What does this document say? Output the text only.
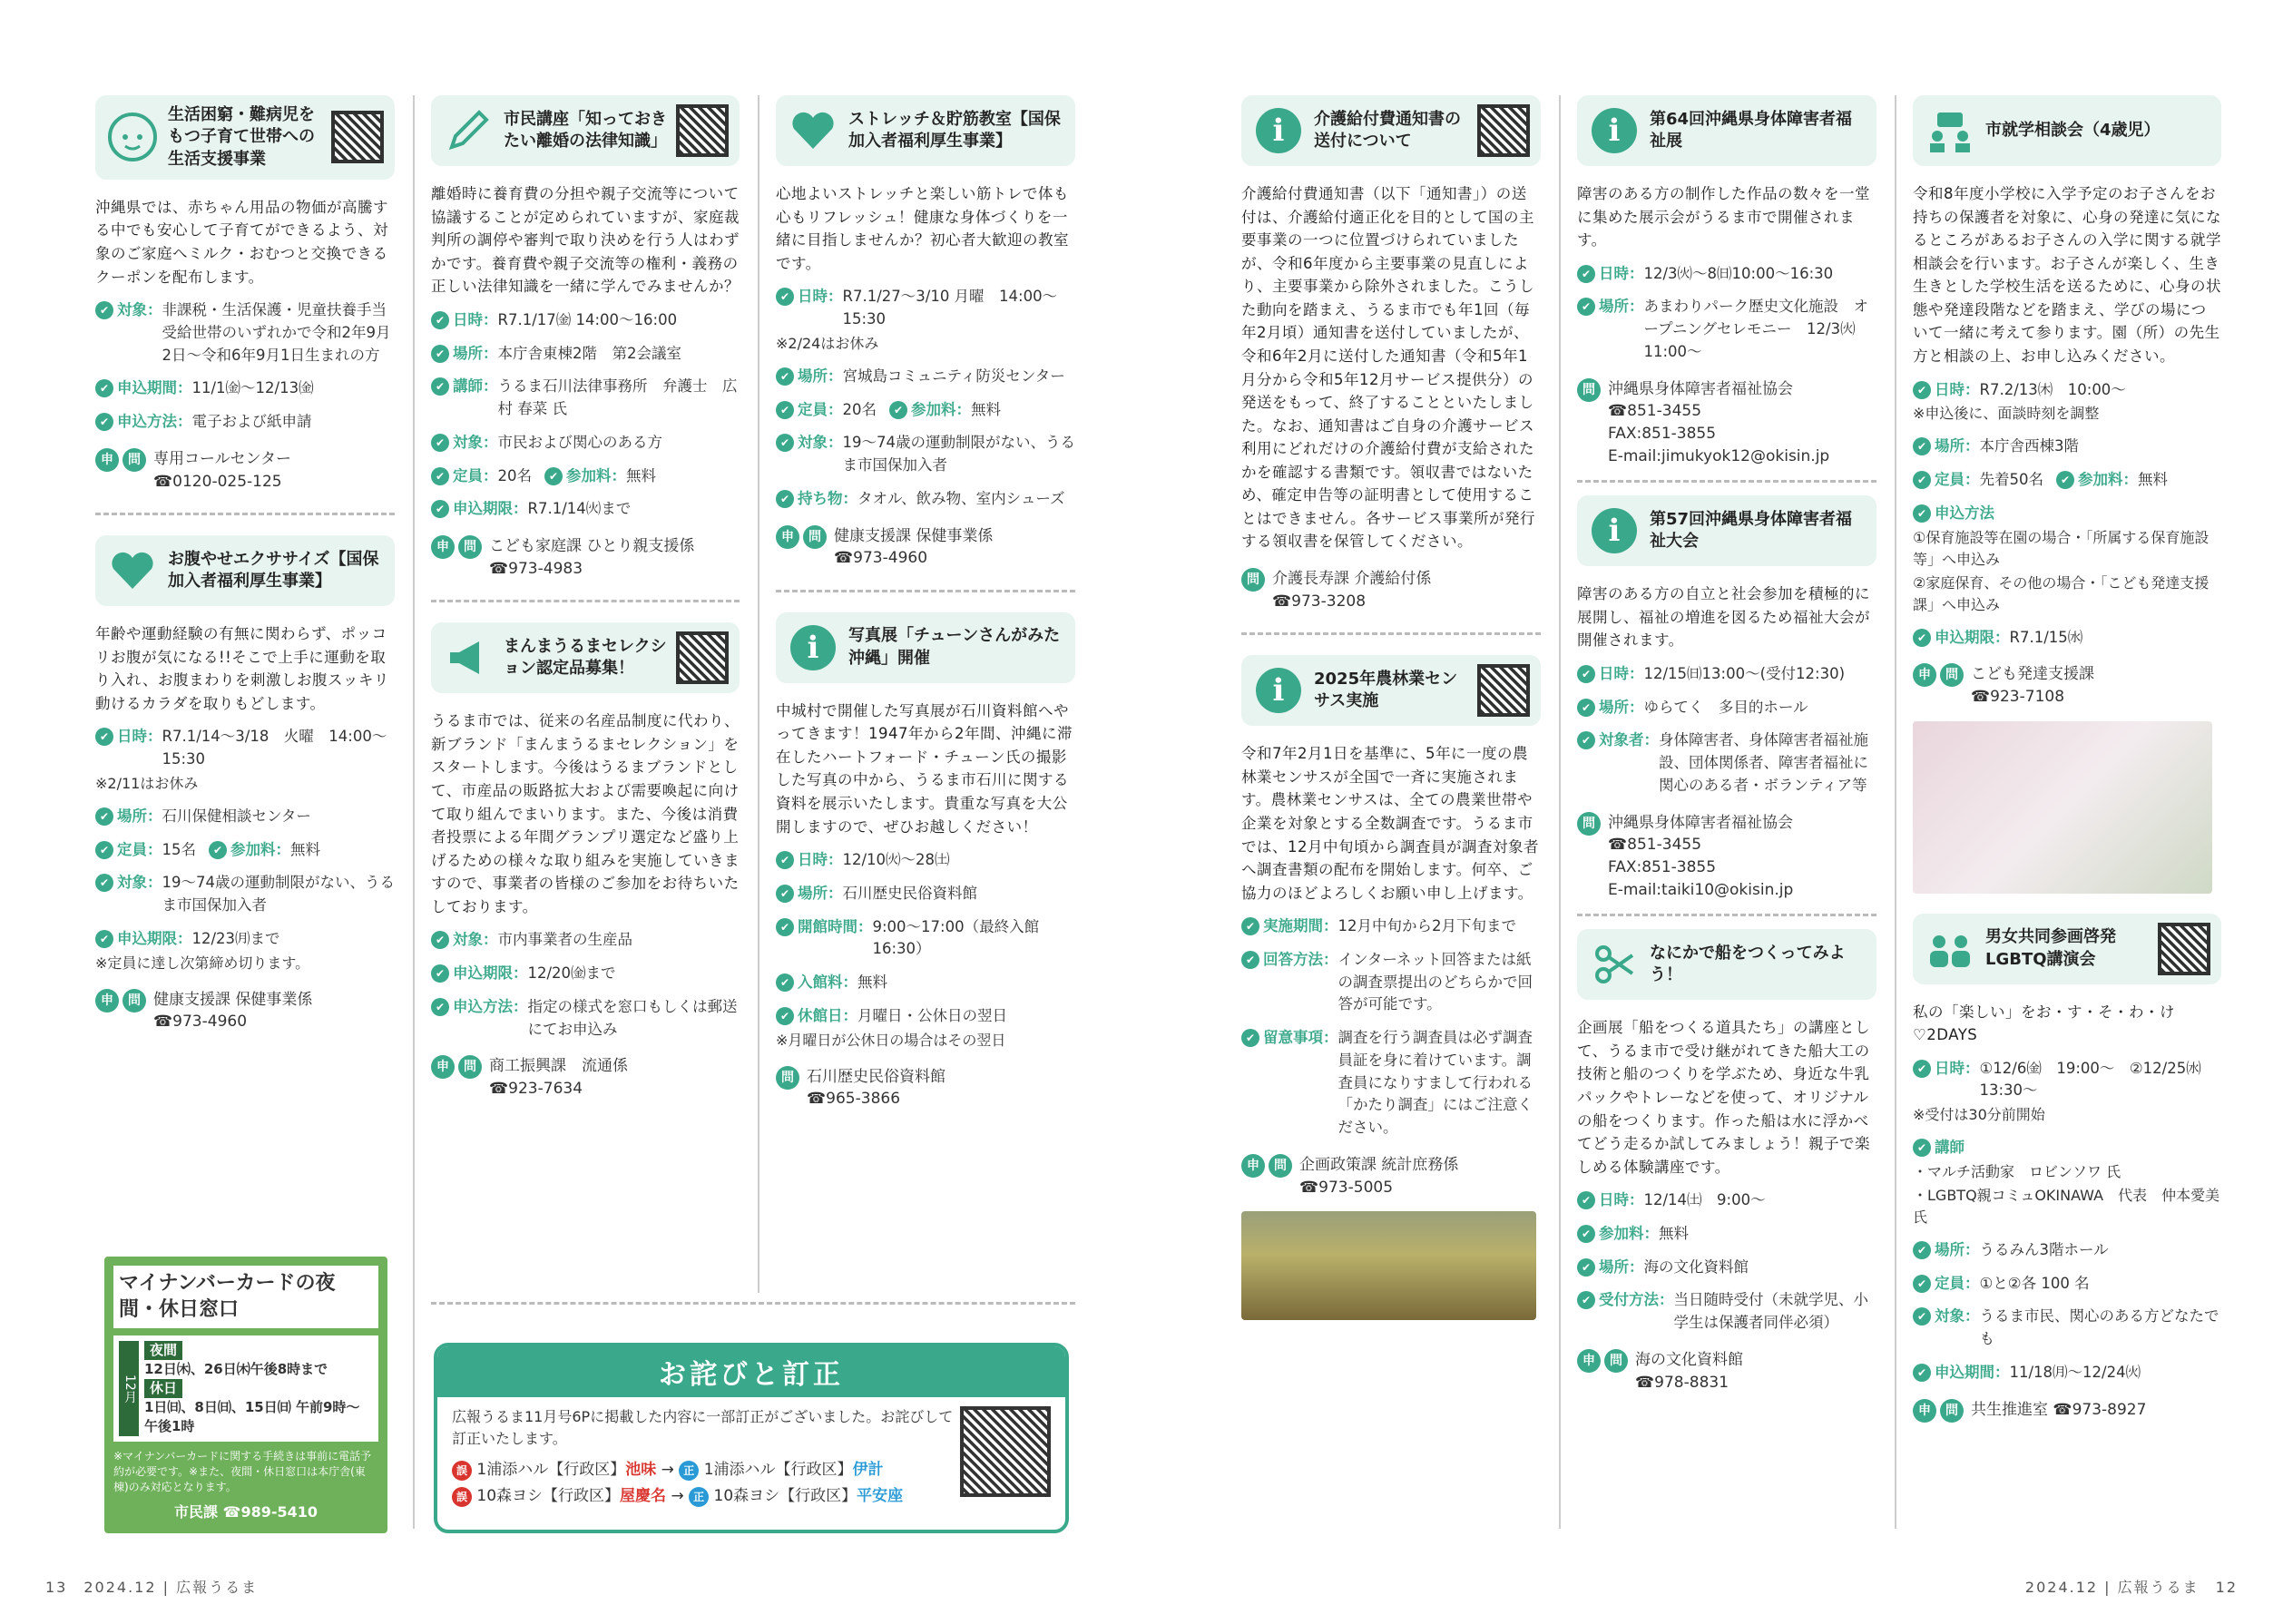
生活困窮・難病児をもつ子育て世帯への生活支援事業
沖縄県では、赤ちゃん用品の物価が高騰する中でも安心して子育てができるよう、対象のご家庭へミルク・おむつと交換できるクーポンを配布します。
✔ 対象： 非課税・生活保護・児童扶養手当受給世帯のいずれかで令和2年9月2日～令和6年9月1日生まれの方
✔ 申込期間： 11/1㈮～12/13㈮
✔ 申込方法： 電子および紙申請
申	問 専用コールセンター
☎0120-025-125
お腹やせエクササイズ【国保加入者福利厚生事業】
年齢や運動経験の有無に関わらず、ポッコリお腹が気になる!!そこで上手に運動を取り入れ、お腹まわりを刺激しお腹スッキリ動けるカラダを取りもどします。
✔ 日時： R7.1/14～3/18　火曜　14:00～15:30
※2/11はお休み
✔ 場所： 石川保健相談センター
✔ 定員： 15名	✔ 参加料： 無料
✔ 対象： 19～74歳の運動制限がない、うるま市国保加入者
✔ 申込期限： 12/23㈪まで
※定員に達し次第締め切ります。
申	問 健康支援課 保健事業係
☎973-4960
マイナンバーカードの夜間・休日窓口
12月
夜間
12日㈭、26日㈭午後8時まで
休日
1日㈰、8日㈰、15日㈰ 午前9時～午後1時
※マイナンバーカードに関する手続きは事前に電話予約が必要です。※また、夜間・休日窓口は本庁舎(東棟)のみ対応となります。
市民課 ☎989-5410
市民講座「知っておきたい離婚の法律知識」
離婚時に養育費の分担や親子交流等について協議することが定められていますが、家庭裁判所の調停や審判で取り決めを行う人はわずかです。養育費や親子交流等の権利・義務の正しい法律知識を一緒に学んでみませんか？
✔ 日時： R7.1/17㈮ 14:00～16:00
✔ 場所： 本庁舎東棟2階　第2会議室
✔ 講師： うるま石川法律事務所　弁護士　広村 春菜 氏
✔ 対象： 市民および関心のある方
✔ 定員： 20名	✔ 参加料： 無料
✔ 申込期限： R7.1/14㈫まで
申	問 こども家庭課 ひとり親支援係
☎973-4983
まんまうるまセレクション認定品募集！
うるま市では、従来の名産品制度に代わり、新ブランド「まんまうるまセレクション」をスタートします。今後はうるまブランドとして、市産品の販路拡大および需要喚起に向けて取り組んでまいります。また、今後は消費者投票による年間グランプリ選定など盛り上げるための様々な取り組みを実施していきますので、事業者の皆様のご参加をお待ちいたしております。
✔ 対象： 市内事業者の生産品
✔ 申込期限： 12/20㈮まで
✔ 申込方法： 指定の様式を窓口もしくは郵送にてお申込み
申	問 商工振興課　流通係
☎923-7634
ストレッチ＆貯筋教室【国保加入者福利厚生事業】
心地よいストレッチと楽しい筋トレで体も心もリフレッシュ！健康な身体づくりを一緒に目指しませんか？初心者大歓迎の教室です。
✔ 日時： R7.1/27～3/10 月曜　14:00～15:30
※2/24はお休み
✔ 場所： 宮城島コミュニティ防災センター
✔ 定員： 20名	✔ 参加料： 無料
✔ 対象： 19～74歳の運動制限がない、うるま市国保加入者
✔ 持ち物： タオル、飲み物、室内シューズ
申	問 健康支援課 保健事業係
☎973-4960
i	写真展「チューンさんがみた沖縄」開催
中城村で開催した写真展が石川資料館へやってきます！1947年から2年間、沖縄に滞在したハートフォード・チューン氏の撮影した写真の中から、うるま市石川に関する資料を展示いたします。貴重な写真を大公開しますので、ぜひお越しください！
✔ 日時： 12/10㈫～28㈯
✔ 場所： 石川歴史民俗資料館
✔ 開館時間： 9:00～17:00（最終入館16:30）
✔ 入館料： 無料
✔ 休館日： 月曜日・公休日の翌日
※月曜日が公休日の場合はその翌日
問 石川歴史民俗資料館
☎965-3866
お詫びと訂正
広報うるま11月号6Pに掲載した内容に一部訂正がございました。お詫びして訂正いたします。
誤 1浦添ハル【行政区】池味 → 正 1浦添ハル【行政区】伊計
誤 10森ヨシ【行政区】屋慶名 → 正 10森ヨシ【行政区】平安座
13　2024.12 | 広報うるま
i	介護給付費通知書の送付について
介護給付費通知書（以下「通知書」）の送付は、介護給付適正化を目的として国の主要事業の一つに位置づけられていましたが、令和6年度から主要事業の見直しにより、主要事業から除外されました。こうした動向を踏まえ、うるま市でも年1回（毎年2月頃）通知書を送付していましたが、令和6年2月に送付した通知書（令和5年1月分から令和5年12月サービス提供分）の発送をもって、終了することといたしました。なお、通知書はご自身の介護サービス利用にどれだけの介護給付費が支給されたかを確認する書類です。領収書ではないため、確定申告等の証明書として使用することはできません。各サービス事業所が発行する領収書を保管してください。
問 介護長寿課 介護給付係
☎973-3208
i	2025年農林業センサス実施
令和7年2月1日を基準に、5年に一度の農林業センサスが全国で一斉に実施されます。農林業センサスは、全ての農業世帯や企業を対象とする全数調査です。うるま市では、12月中旬頃から調査員が調査対象者へ調査書類の配布を開始します。何卒、ご協力のほどよろしくお願い申し上げます。
✔ 実施期間： 12月中旬から2月下旬まで
✔ 回答方法： インターネット回答または紙の調査票提出のどちらかで回答が可能です。
✔ 留意事項： 調査を行う調査員は必ず調査員証を身に着けています。調査員になりすまして行われる「かたり調査」にはご注意ください。
申	問 企画政策課 統計庶務係
☎973-5005
i	第64回沖縄県身体障害者福祉展
障害のある方の制作した作品の数々を一堂に集めた展示会がうるま市で開催されます。
✔ 日時： 12/3㈫～8㈰10:00～16:30
✔ 場所： あまわりパーク歴史文化施設　オープニングセレモニー　12/3㈫　11:00～
問 沖縄県身体障害者福祉協会
☎851-3455
FAX:851-3855
E-mail:jimukyok12@okisin.jp
i	第57回沖縄県身体障害者福祉大会
障害のある方の自立と社会参加を積極的に展開し、福祉の増進を図るため福祉大会が開催されます。
✔ 日時： 12/15㈰13:00～(受付12:30)
✔ 場所： ゆらてく　多目的ホール
✔ 対象者： 身体障害者、身体障害者福祉施設、団体関係者、障害者福祉に関心のある者・ボランティア等
問 沖縄県身体障害者福祉協会
☎851-3455
FAX:851-3855
E-mail:taiki10@okisin.jp
なにかで船をつくってみよう！
企画展「船をつくる道具たち」の講座として、うるま市で受け継がれてきた船大工の技術と船のつくりを学ぶため、身近な牛乳パックやトレーなどを使って、オリジナルの船をつくります。作った船は水に浮かべてどう走るか試してみましょう！親子で楽しめる体験講座です。
✔ 日時： 12/14㈯　9:00～
✔ 参加料： 無料
✔ 場所： 海の文化資料館
✔ 受付方法： 当日随時受付（未就学児、小学生は保護者同伴必須）
申	問 海の文化資料館
☎978-8831
市就学相談会（4歳児）
令和8年度小学校に入学予定のお子さんをお持ちの保護者を対象に、心身の発達に気になるところがあるお子さんの入学に関する就学相談会を行います。お子さんが楽しく、生き生きとした学校生活を送るために、心身の状態や発達段階などを踏まえ、学びの場について一緒に考えて参ります。園（所）の先生方と相談の上、お申し込みください。
✔ 日時： R7.2/13㈭　10:00～
※申込後に、面談時刻を調整
✔ 場所： 本庁舎西棟3階
✔ 定員： 先着50名	✔ 参加料： 無料
✔ 申込方法
①保育施設等在園の場合・「所属する保育施設等」へ申込み
②家庭保育、その他の場合・「こども発達支援課」へ申込み
✔ 申込期限： R7.1/15㈬
申	問 こども発達支援課
☎923-7108
男女共同参画啓発LGBTQ講演会
私の「楽しい」をお・す・そ・わ・け♡2DAYS
✔ 日時： ①12/6㈮　19:00～　②12/25㈬　13:30～
※受付は30分前開始
✔ 講師
・マルチ活動家　ロビンソワ 氏
・LGBTQ親コミュOKINAWA　代表　仲本愛美 氏
✔ 場所： うるみん3階ホール
✔ 定員： ①と②各 100 名
✔ 対象： うるま市民、関心のある方どなたでも
✔ 申込期間： 11/18㈪～12/24㈫
申	問 共生推進室 ☎973-8927
2024.12 | 広報うるま　12
